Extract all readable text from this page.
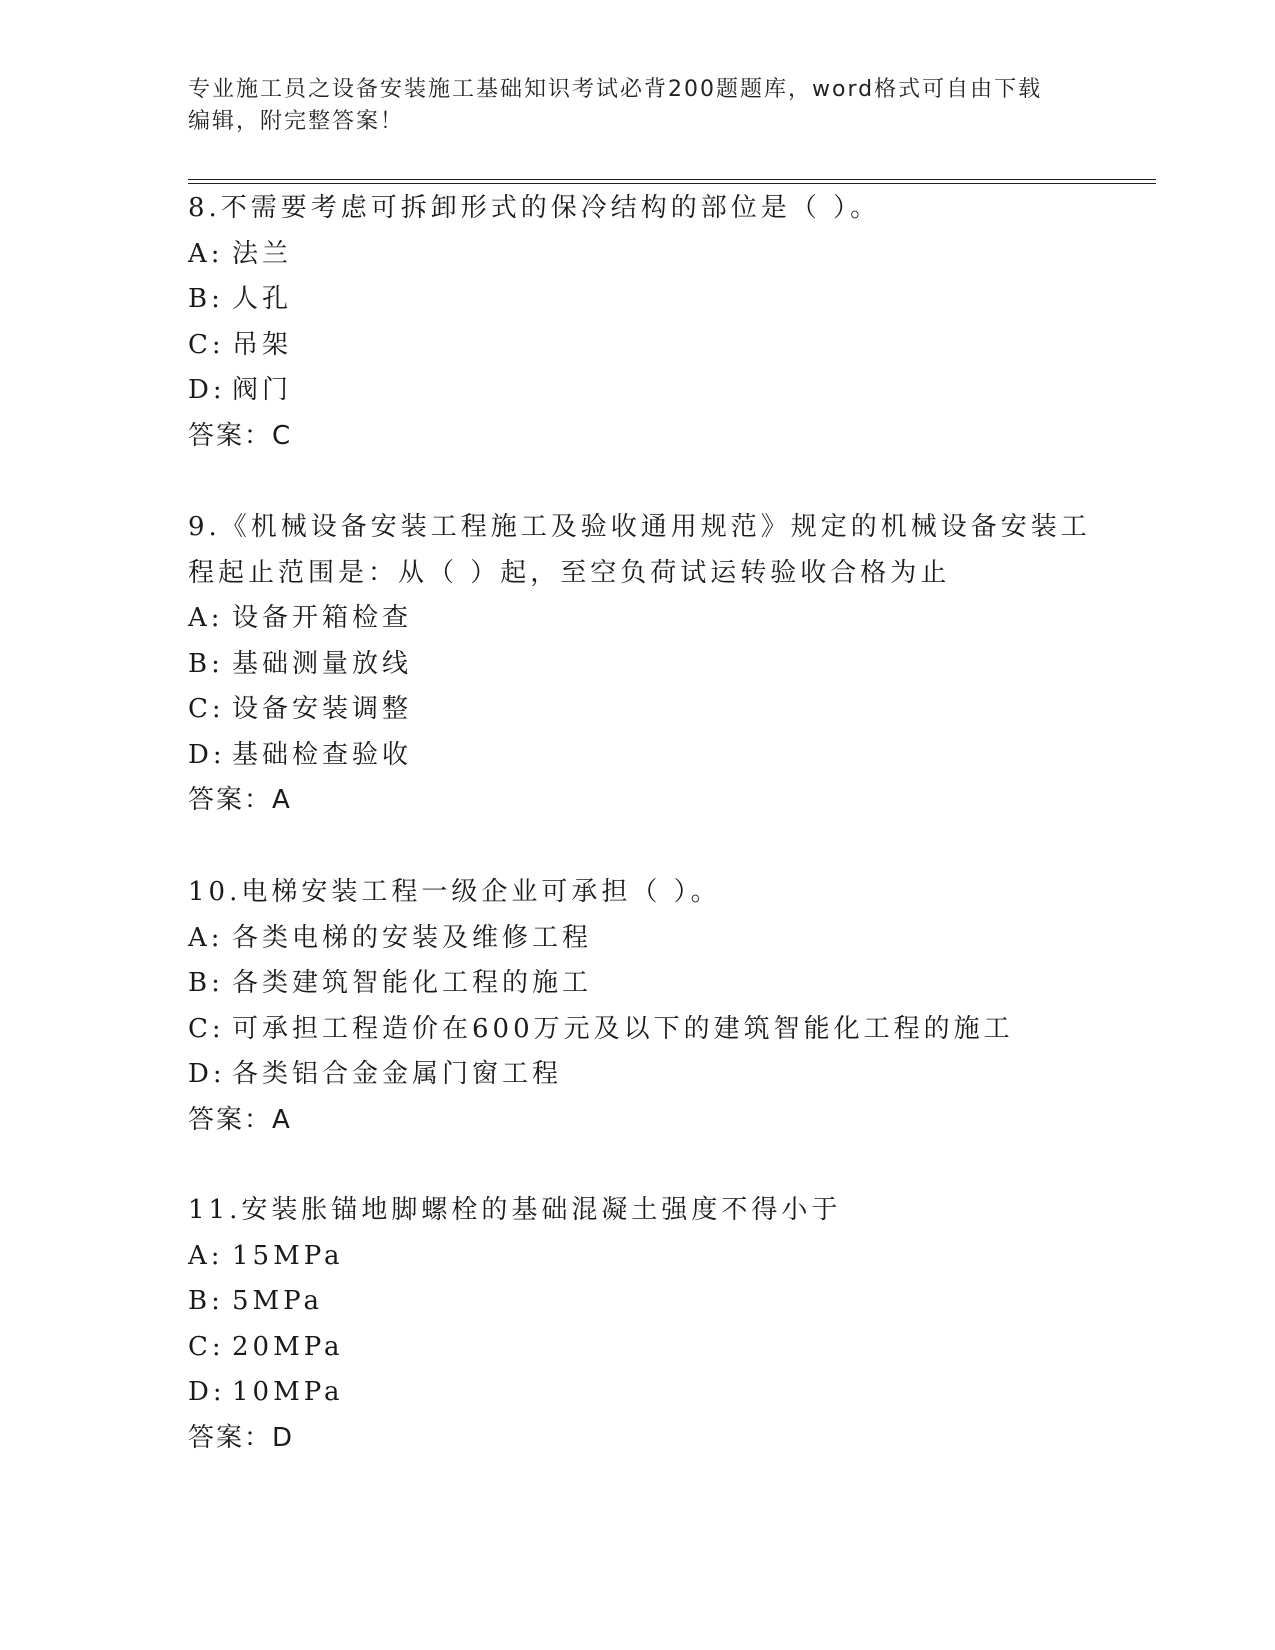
专业施工员之设备安装施工基础知识考试必背200题题库，word格式可自由下载
编辑，附完整答案！
8.不需要考虑可拆卸形式的保冷结构的部位是（ ）。
A: 法兰
B: 人孔
C: 吊架
D: 阀门
答案：C
9.《机械设备安装工程施工及验收通用规范》规定的机械设备安装工
程起止范围是：从（ ）起，至空负荷试运转验收合格为止
A: 设备开箱检查
B: 基础测量放线
C: 设备安装调整
D: 基础检查验收
答案：A
10.电梯安装工程一级企业可承担（ ）。
A: 各类电梯的安装及维修工程
B: 各类建筑智能化工程的施工
C: 可承担工程造价在600万元及以下的建筑智能化工程的施工
D: 各类铝合金金属门窗工程
答案：A
11.安装胀锚地脚螺栓的基础混凝土强度不得小于
A: 15MPa
B: 5MPa
C: 20MPa
D: 10MPa
答案：D
